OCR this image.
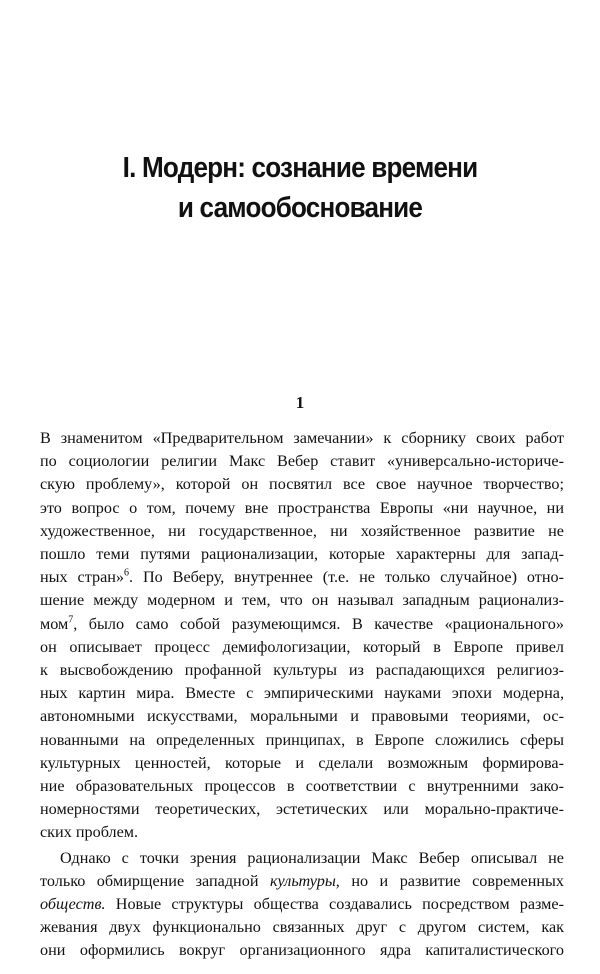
I. Модерн: сознание времени
и самообоснование
1
В знаменитом «Предварительном замечании» к сборнику своих работ
по социологии религии Макс Вебер ставит «универсально-историче-
скую проблему», которой он посвятил все свое научное творчество;
это вопрос о том, почему вне пространства Европы «ни научное, ни
художественное, ни государственное, ни хозяйственное развитие не
пошло теми путями рационализации, которые характерны для запад-
ных стран»$^6$. По Веберу, внутреннее (т.е. не только случайное) отно-
шение между модерном и тем, что он называл западным рационализ-
мом$^7$, было само собой разумеющимся. В качестве «рационального»
он описывает процесс демифологизации, который в Европе привел
к высвобождению профанной культуры из распадающихся религиоз-
ных картин мира. Вместе с эмпирическими науками эпохи модерна,
автономными искусствами, моральными и правовыми теориями, ос-
нованными на определенных принципах, в Европе сложились сферы
культурных ценностей, которые и сделали возможным формирова-
ние образовательных процессов в соответствии с внутренними зако-
номерностями теоретических, эстетических или морально-практиче-
ских проблем.
Однако с точки зрения рационализации Макс Вебер описывал не
только обмирщение западной культуры, но и развитие современных
обществ. Новые структуры общества создавались посредством разме-
жевания двух функционально связанных друг с другом систем, как
они оформились вокруг организационного ядра капиталистического
